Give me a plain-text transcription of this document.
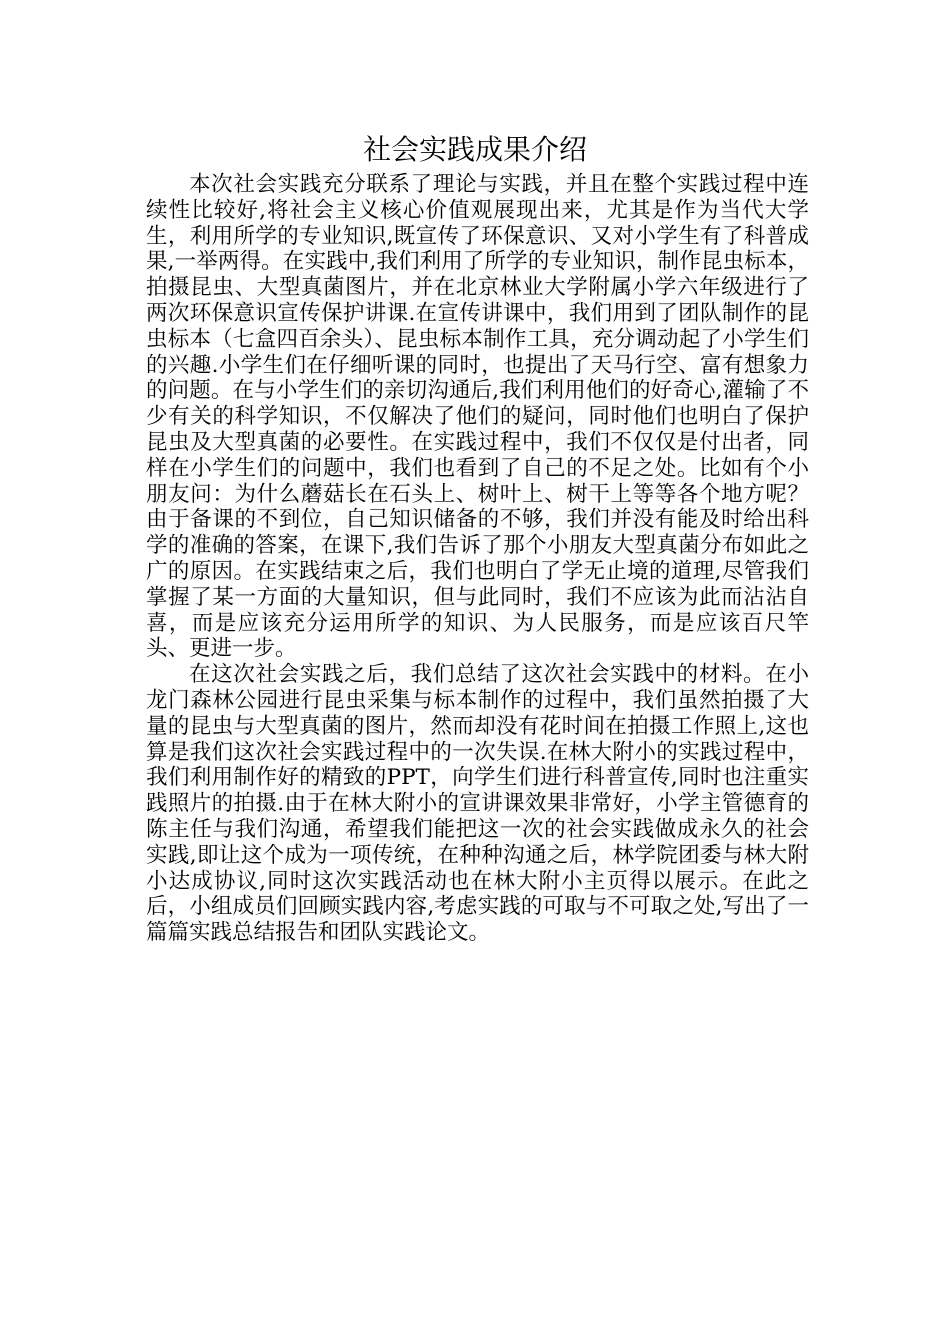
社会实践成果介绍

本次社会实践充分联系了理论与实践，并且在整个实践过程中连续性比较好,将社会主义核心价值观展现出来，尤其是作为当代大学生，利用所学的专业知识,既宣传了环保意识、又对小学生有了科普成果,一举两得。在实践中,我们利用了所学的专业知识，制作昆虫标本，拍摄昆虫、大型真菌图片，并在北京林业大学附属小学六年级进行了两次环保意识宣传保护讲课.在宣传讲课中，我们用到了团队制作的昆虫标本（七盒四百余头）、昆虫标本制作工具，充分调动起了小学生们的兴趣.小学生们在仔细听课的同时，也提出了天马行空、富有想象力的问题。在与小学生们的亲切沟通后,我们利用他们的好奇心,灌输了不少有关的科学知识，不仅解决了他们的疑问，同时他们也明白了保护昆虫及大型真菌的必要性。在实践过程中，我们不仅仅是付出者，同样在小学生们的问题中，我们也看到了自己的不足之处。比如有个小朋友问：为什么蘑菇长在石头上、树叶上、树干上等等各个地方呢？由于备课的不到位，自己知识储备的不够，我们并没有能及时给出科学的准确的答案，在课下,我们告诉了那个小朋友大型真菌分布如此之广的原因。在实践结束之后，我们也明白了学无止境的道理,尽管我们掌握了某一方面的大量知识，但与此同时，我们不应该为此而沾沾自喜，而是应该充分运用所学的知识、为人民服务，而是应该百尺竿头、更进一步。

在这次社会实践之后，我们总结了这次社会实践中的材料。在小龙门森林公园进行昆虫采集与标本制作的过程中，我们虽然拍摄了大量的昆虫与大型真菌的图片，然而却没有花时间在拍摄工作照上,这也算是我们这次社会实践过程中的一次失误.在林大附小的实践过程中，我们利用制作好的精致的PPT，向学生们进行科普宣传,同时也注重实践照片的拍摄.由于在林大附小的宣讲课效果非常好，小学主管德育的陈主任与我们沟通，希望我们能把这一次的社会实践做成永久的社会实践,即让这个成为一项传统，在种种沟通之后，林学院团委与林大附小达成协议,同时这次实践活动也在林大附小主页得以展示。在此之后，小组成员们回顾实践内容,考虑实践的可取与不可取之处,写出了一篇篇实践总结报告和团队实践论文。
